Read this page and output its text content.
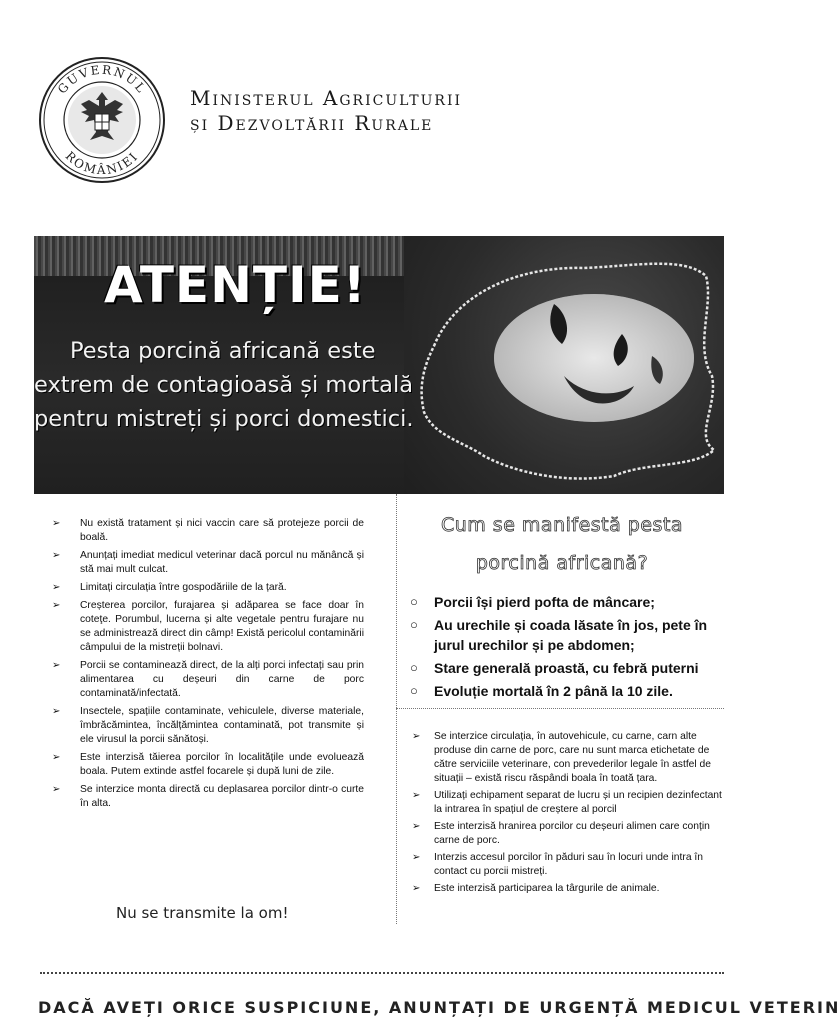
GUVERNUL
ROMÂNIEI
Ministerul Agriculturii
și Dezvoltării Rurale
ATENȚIE!
Pesta porcină africană este
extrem de contagioasă și mortală
pentru mistreți și porci domestici.
➢ Nu există tratament și nici vaccin care să protejeze porcii de boală.
➢ Anunțați imediat medicul veterinar dacă porcul nu mănâncă și stă mai mult culcat.
➢ Limitați circulația între gospodăriile de la țară.
➢ Creșterea porcilor, furajarea și adăparea se face doar în coteţe. Porumbul, lucerna și alte vegetale pentru furajare nu se administrează direct din câmp! Există pericolul contaminării câmpului de la mistreții bolnavi.
➢ Porcii se contaminează direct, de la alți porci infectați sau prin alimentarea cu deșeuri din carne de porc contaminată/infectată.
➢ Insectele, spațiile contaminate, vehiculele, diverse materiale, îmbrăcămintea, încălțămintea contaminată, pot transmite și ele virusul la porcii sănătoși.
➢ Este interzisă tăierea porcilor în localitățile unde evoluează boala. Putem extinde astfel focarele și după luni de zile.
➢ Se interzice monta directă cu deplasarea porcilor dintr-o curte în alta.
Nu se transmite la om!
Cum se manifestă pesta
porcină africană?
○ Porcii își pierd pofta de mâncare;
○ Au urechile și coada lăsate în jos, pete în jurul urechilor și pe abdomen;
○ Stare generală proastă, cu febră puterni
○ Evoluție mortală în 2 până la 10 zile.
➢ Se interzice circulația, în autovehicule, cu carne, carn alte produse din carne de porc, care nu sunt marca etichetate de către serviciile veterinare, con prevederilor legale în astfel de situații – există riscu răspândi boala în toată țara.
➢ Utilizați echipament separat de lucru și un recipien dezinfectant la intrarea în spațiul de creștere al porcil
➢ Este interzisă hranirea porcilor cu deșeuri alimen care conțin carne de porc.
➢ Interzis accesul porcilor în păduri sau în locuri unde intra în contact cu porcii mistreți.
➢ Este interzisă participarea la târgurile de animale.
DACĂ AVEȚI ORICE SUSPICIUNE, ANUNȚAȚI DE URGENȚĂ MEDICUL VETERIN
